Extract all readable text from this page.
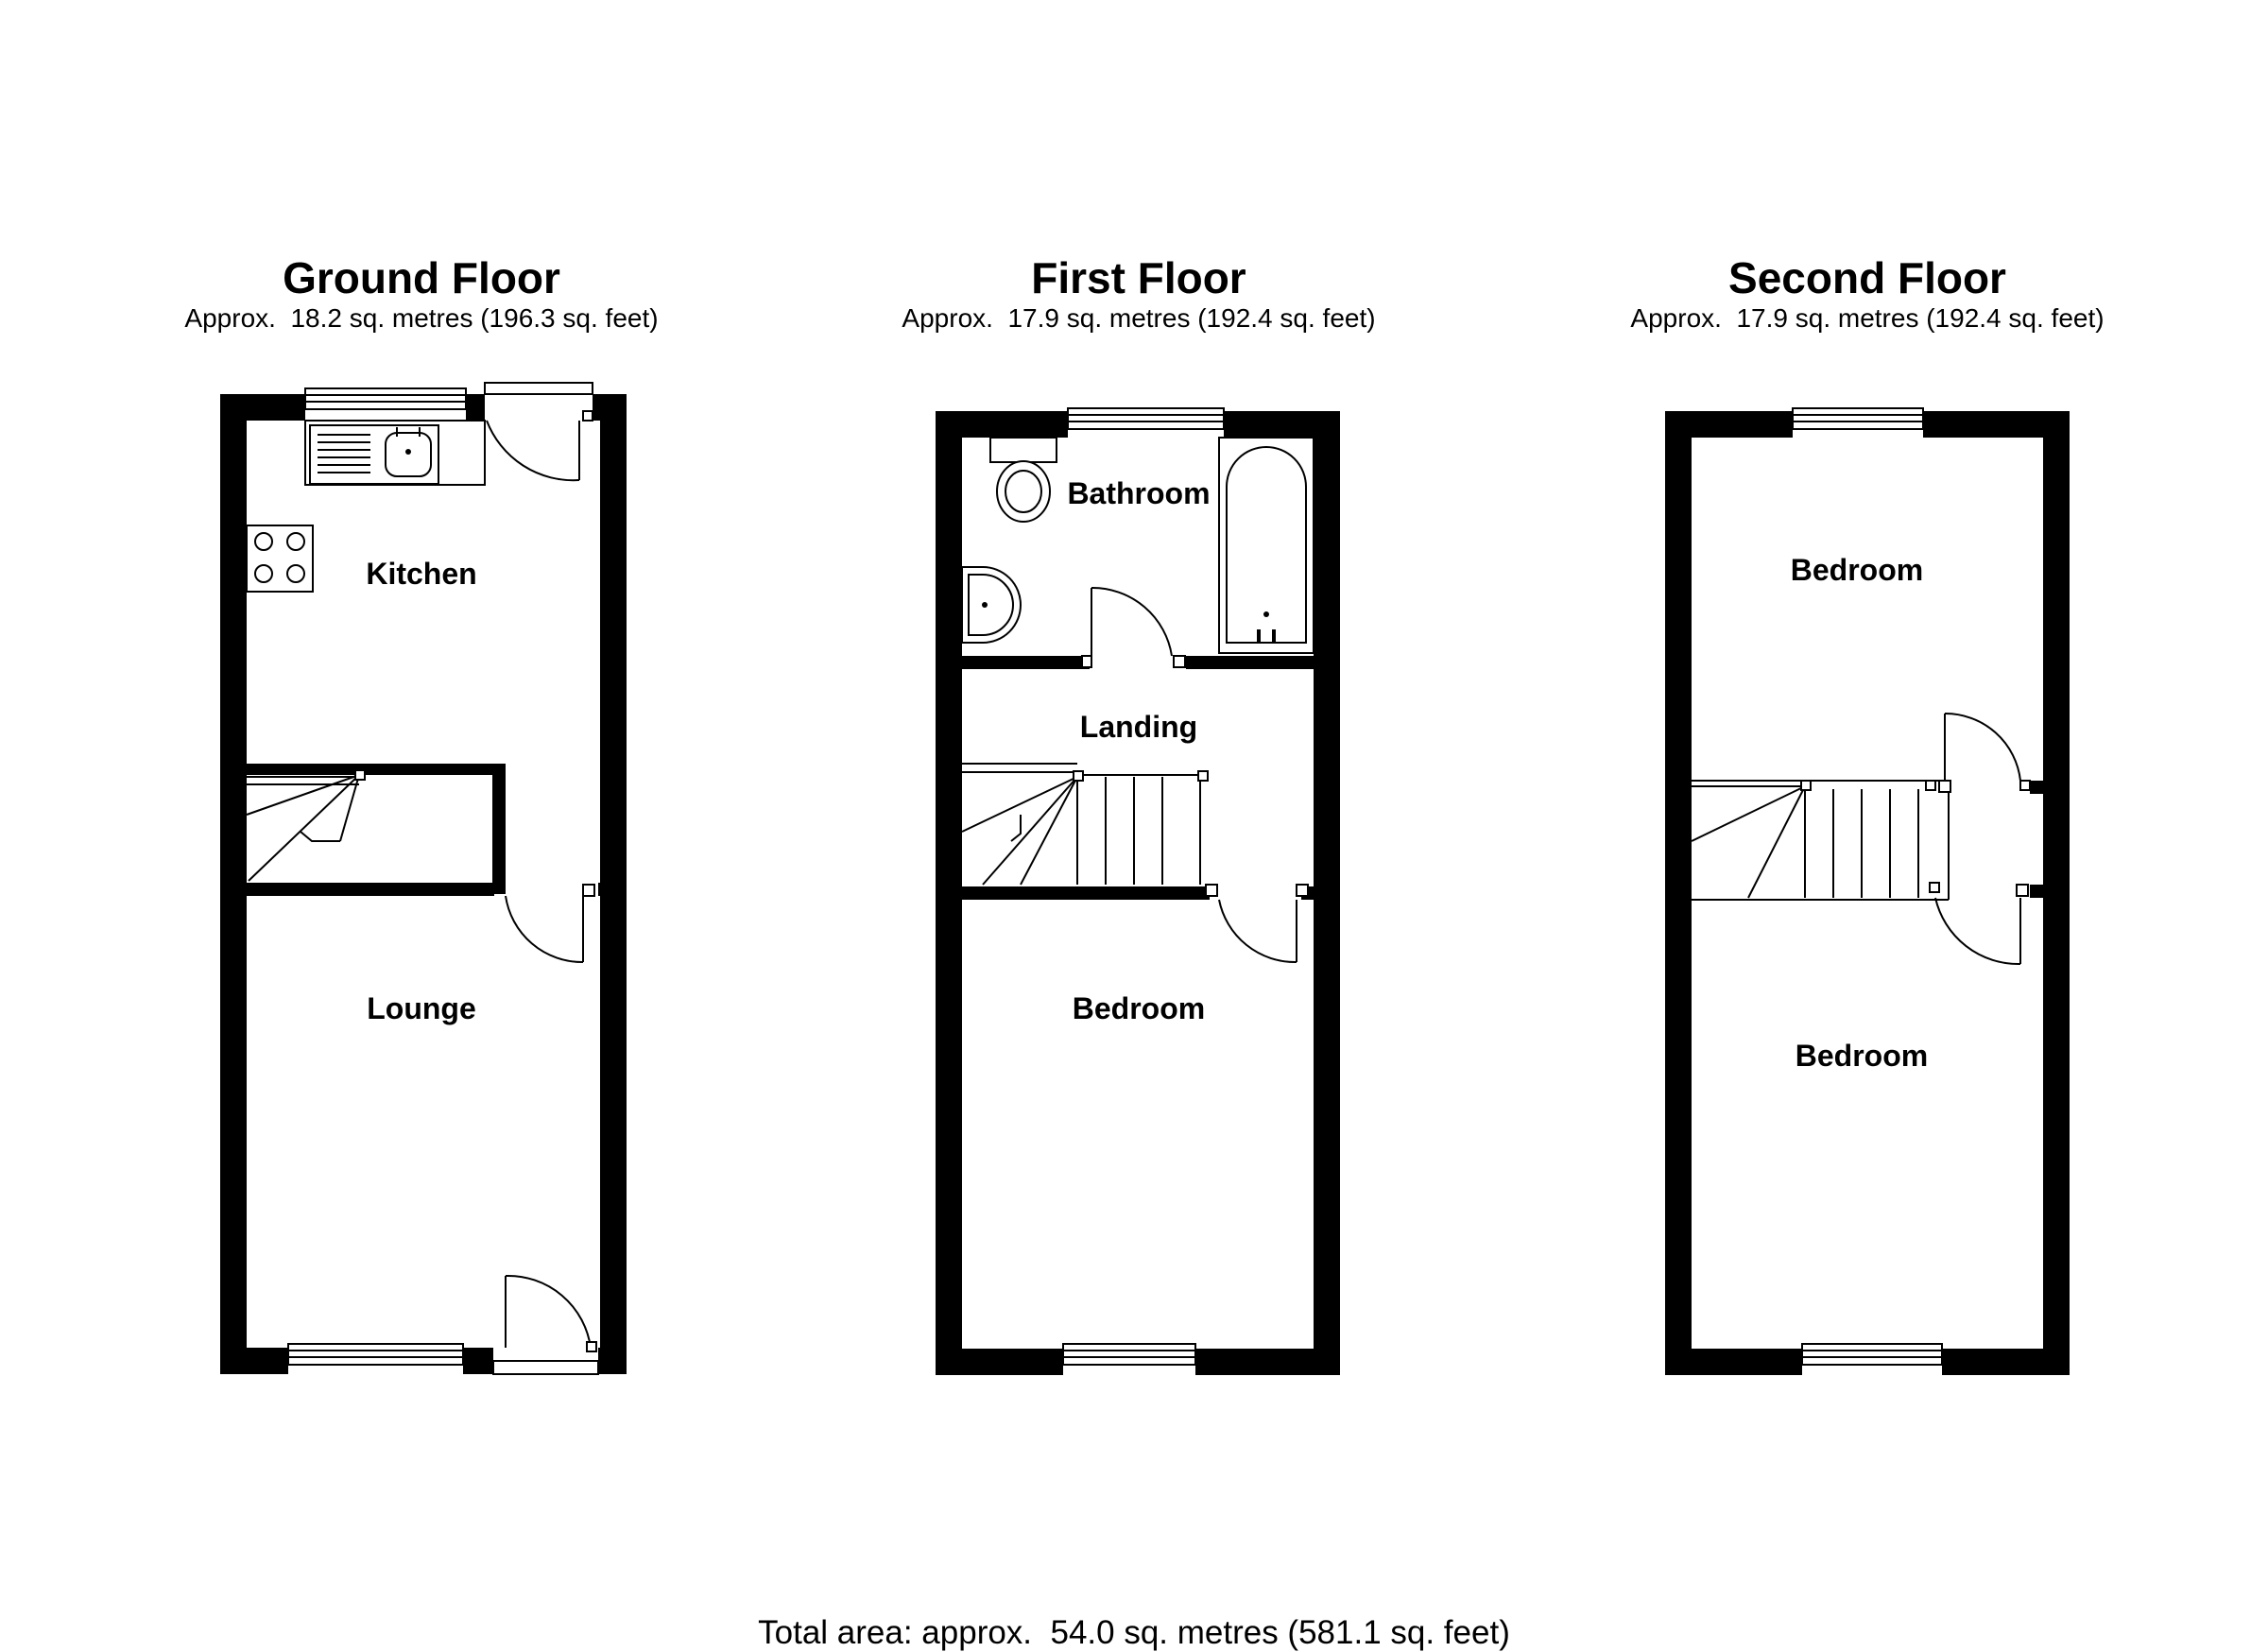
Ground Floor
Approx.  18.2 sq. metres (196.3 sq. feet)
First Floor
Approx.  17.9 sq. metres (192.4 sq. feet)
Second Floor
Approx.  17.9 sq. metres (192.4 sq. feet)
Kitchen
Lounge
Bathroom
Landing
Bedroom
Bedroom
Bedroom
Total area: approx.  54.0 sq. metres (581.1 sq. feet)
